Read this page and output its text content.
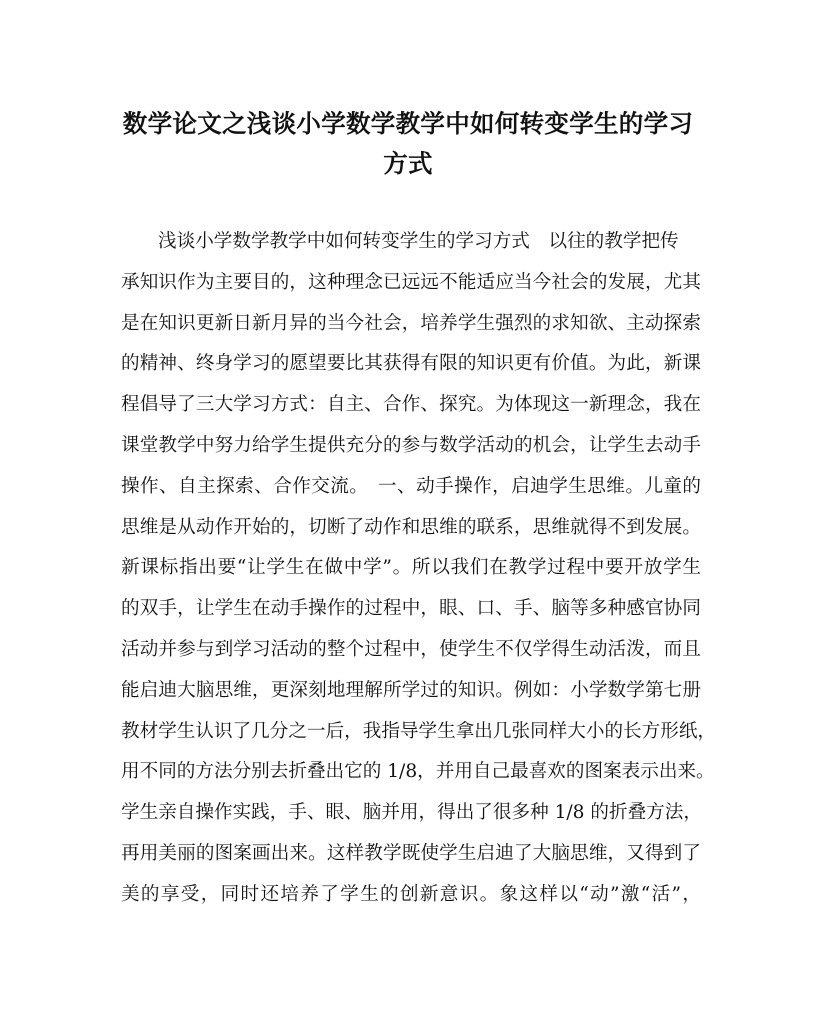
数学论文之浅谈小学数学教学中如何转变学生的学习
方式
浅谈小学数学教学中如何转变学生的学习方式　以往的教学把传
承知识作为主要目的，这种理念已远远不能适应当今社会的发展，尤其
是在知识更新日新月异的当今社会，培养学生强烈的求知欲、主动探索
的精神、终身学习的愿望要比其获得有限的知识更有价值。为此，新课
程倡导了三大学习方式：自主、合作、探究。为体现这一新理念，我在
课堂教学中努力给学生提供充分的参与数学活动的机会，让学生去动手
操作、自主探索、合作交流。　一、动手操作，启迪学生思维。儿童的
思维是从动作开始的，切断了动作和思维的联系，思维就得不到发展。
新课标指出要“让学生在做中学”。所以我们在教学过程中要开放学生
的双手，让学生在动手操作的过程中，眼、口、手、脑等多种感官协同
活动并参与到学习活动的整个过程中，使学生不仅学得生动活泼，而且
能启迪大脑思维，更深刻地理解所学过的知识。例如：小学数学第七册
教材学生认识了几分之一后，我指导学生拿出几张同样大小的长方形纸，
用不同的方法分别去折叠出它的 1/8，并用自己最喜欢的图案表示出来。
学生亲自操作实践，手、眼、脑并用，得出了很多种 1/8 的折叠方法，
再用美丽的图案画出来。这样教学既使学生启迪了大脑思维，又得到了
美的享受，同时还培养了学生的创新意识。象这样以“动”激“活”，
